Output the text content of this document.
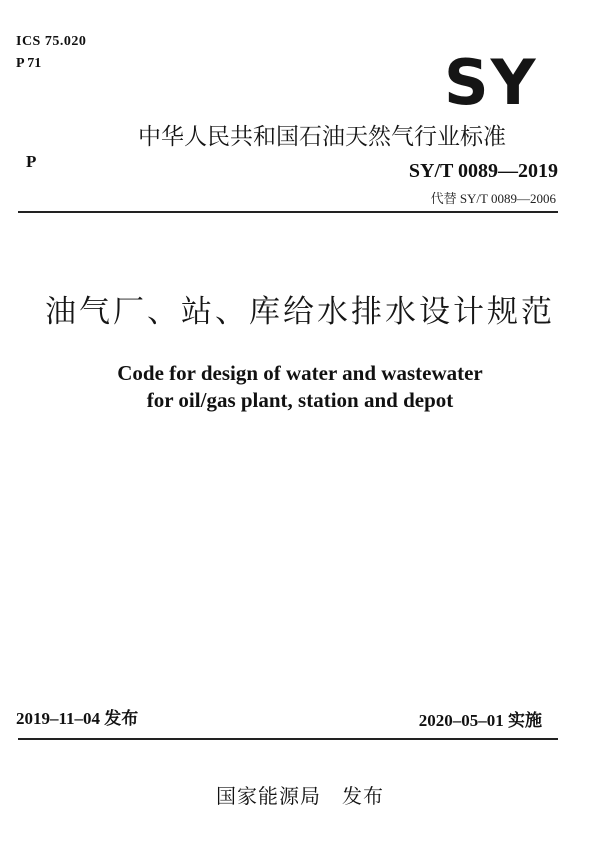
ICS 75.020
P 71	SY
中华人民共和国石油天然气行业标准
P	SY/T 0089—2019
代替 SY/T 0089—2006
油气厂、站、库给水排水设计规范
Code for design of water and wastewater
for oil/gas plant, station and depot
2019–11–04 发布	2020–05–01 实施
国家能源局　发布
